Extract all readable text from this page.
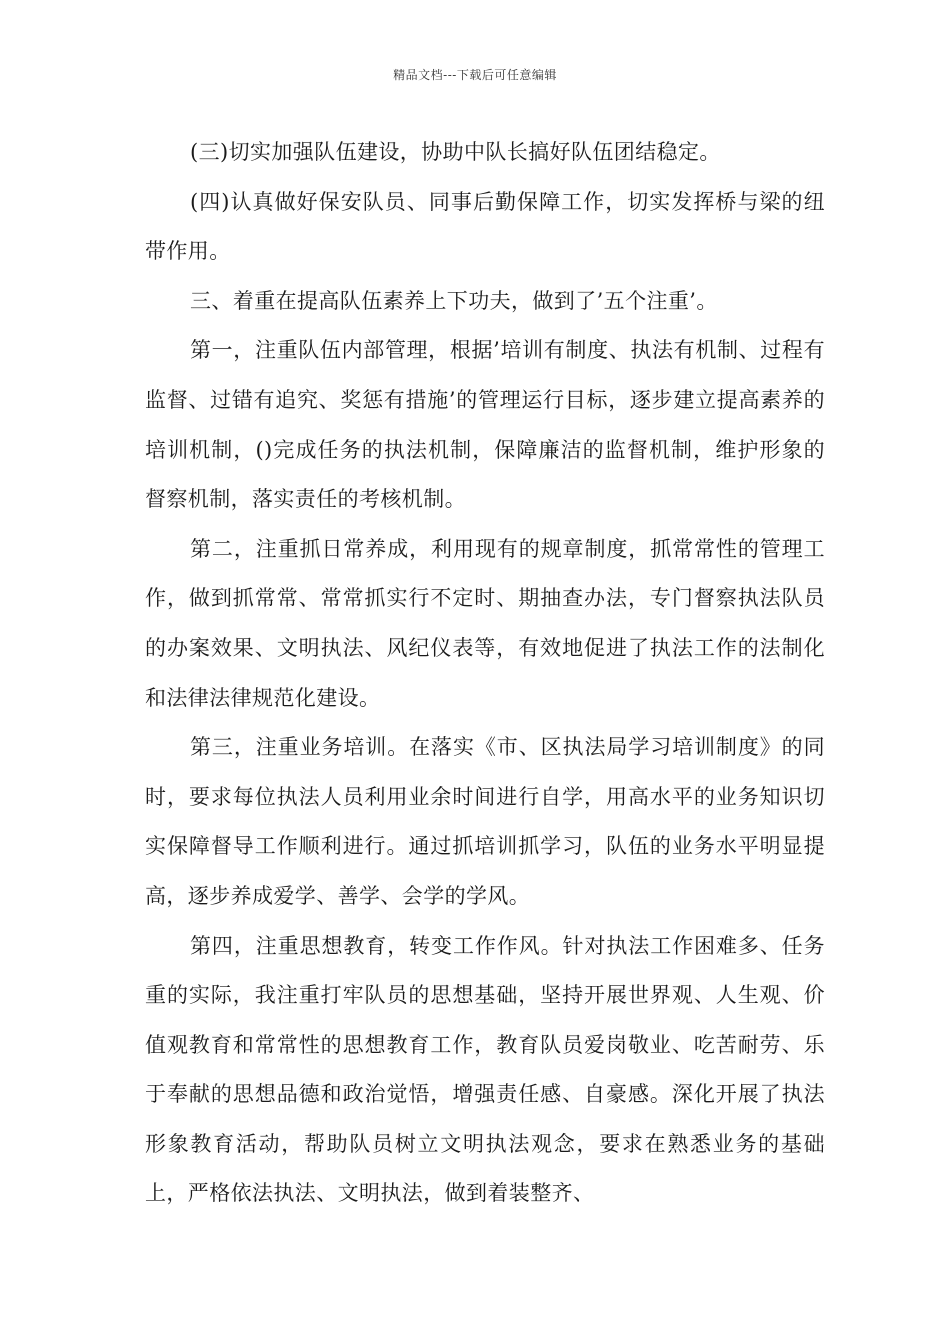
精品文档---下载后可任意编辑

(三)切实加强队伍建设，协助中队长搞好队伍团结稳定。

(四)认真做好保安队员、同事后勤保障工作，切实发挥桥与梁的纽带作用。

三、着重在提高队伍素养上下功夫，做到了’五个注重’。

第一，注重队伍内部管理，根据’培训有制度、执法有机制、过程有监督、过错有追究、奖惩有措施’的管理运行目标，逐步建立提高素养的培训机制，()完成任务的执法机制，保障廉洁的监督机制，维护形象的督察机制，落实责任的考核机制。

第二，注重抓日常养成，利用现有的规章制度，抓常常性的管理工作，做到抓常常、常常抓实行不定时、期抽查办法，专门督察执法队员的办案效果、文明执法、风纪仪表等，有效地促进了执法工作的法制化和法律法律规范化建设。

第三，注重业务培训。在落实《市、区执法局学习培训制度》的同时，要求每位执法人员利用业余时间进行自学，用高水平的业务知识切实保障督导工作顺利进行。通过抓培训抓学习，队伍的业务水平明显提高，逐步养成爱学、善学、会学的学风。

第四，注重思想教育，转变工作作风。针对执法工作困难多、任务重的实际，我注重打牢队员的思想基础，坚持开展世界观、人生观、价值观教育和常常性的思想教育工作，教育队员爱岗敬业、吃苦耐劳、乐于奉献的思想品德和政治觉悟，增强责任感、自豪感。深化开展了执法形象教育活动，帮助队员树立文明执法观念，要求在熟悉业务的基础上，严格依法执法、文明执法，做到着装整齐、
